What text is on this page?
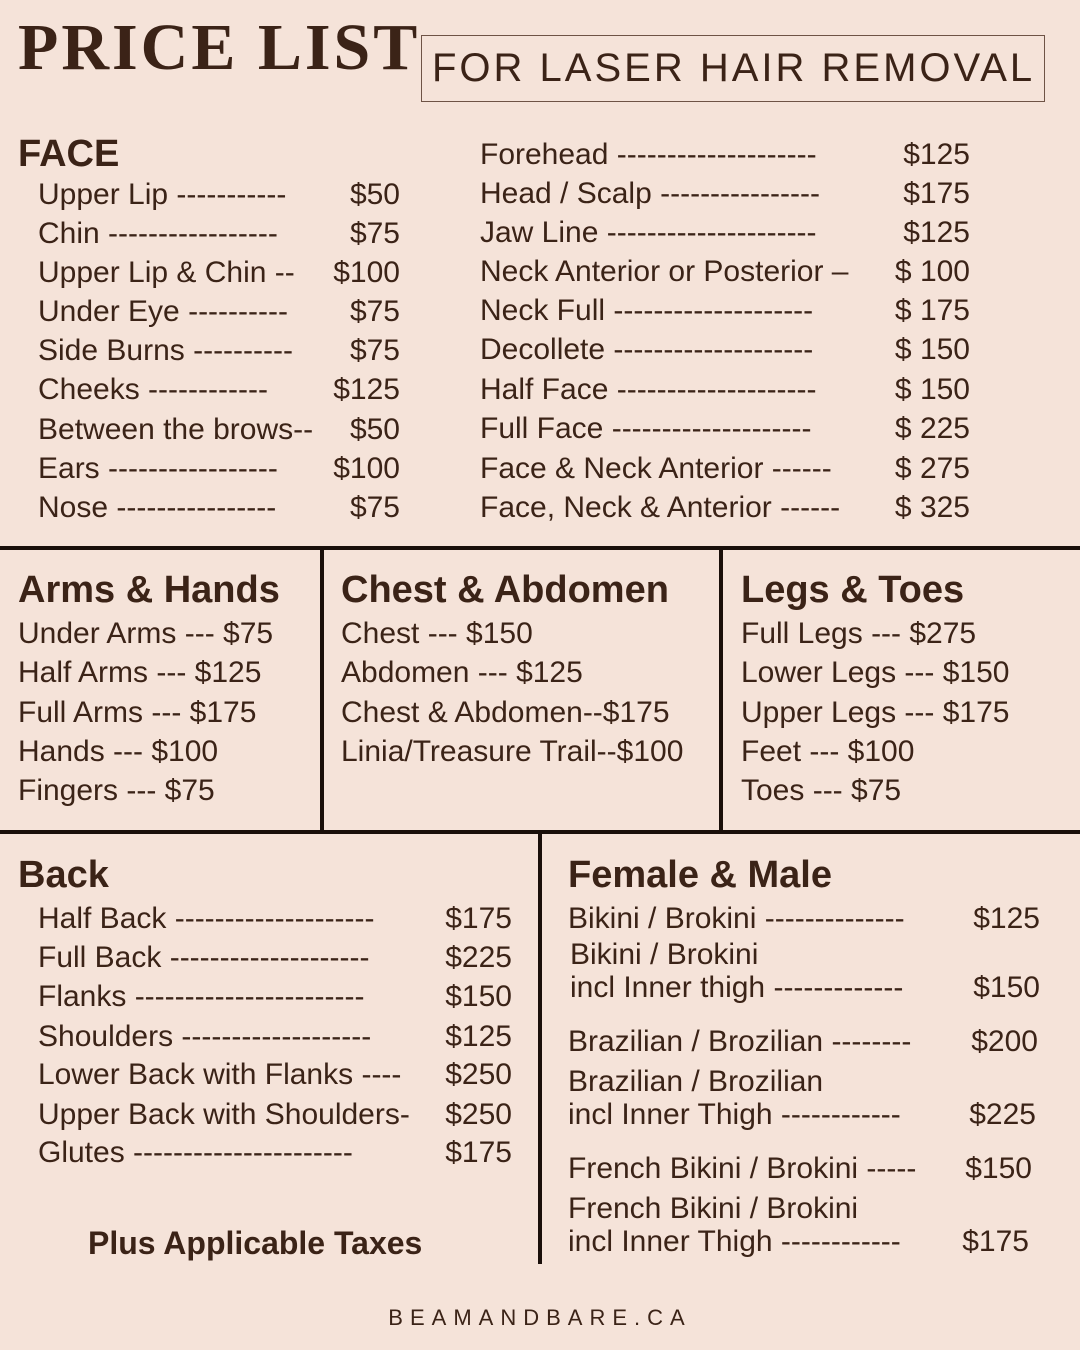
PRICE LIST FOR LASER HAIR REMOVAL
FACE
Upper Lip ----------- $50
Chin ----------------- $75
Upper Lip & Chin -- $100
Under Eye ---------- $75
Side Burns ---------- $75
Cheeks ------------ $125
Between the brows-- $50
Ears ----------------- $100
Nose ---------------- $75
Forehead --------------------	$125
Head / Scalp ----------------	$175
Jaw Line ---------------------	$125
Neck Anterior or Posterior – $ 100
Neck Full --------------------	$ 175
Decollete --------------------	$ 150
Half Face --------------------	$ 150
Full Face --------------------	$ 225
Face & Neck Anterior ------ $ 275
Face, Neck & Anterior ------ $ 325
Arms & Hands
Under Arms --- $75
Half Arms --- $125
Full Arms --- $175
Hands --- $100
Fingers --- $75
Chest & Abdomen
Chest --- $150
Abdomen --- $125
Chest & Abdomen--$175
Linia/Treasure Trail--$100
Legs & Toes
Full Legs --- $275
Lower Legs --- $150
Upper Legs --- $175
Feet --- $100
Toes --- $75
Back
Half Back -------------------- $175
Full Back --------------------	$225
Flanks -----------------------	$150
Shoulders ------------------- $125
Lower Back with Flanks ---- $250
Upper Back with Shoulders- $250
Glutes ----------------------	$175
Plus Applicable Taxes
Female & Male
Bikini / Brokini -------------- $125
Bikini / Brokini
incl Inner thigh ------------- $150
Brazilian / Brozilian -------- $200
Brazilian / Brozilian
incl Inner Thigh ------------ $225
French Bikini / Brokini ----- $150
French Bikini / Brokini
incl Inner Thigh ------------ $175
BEAMANDBARE.CA
